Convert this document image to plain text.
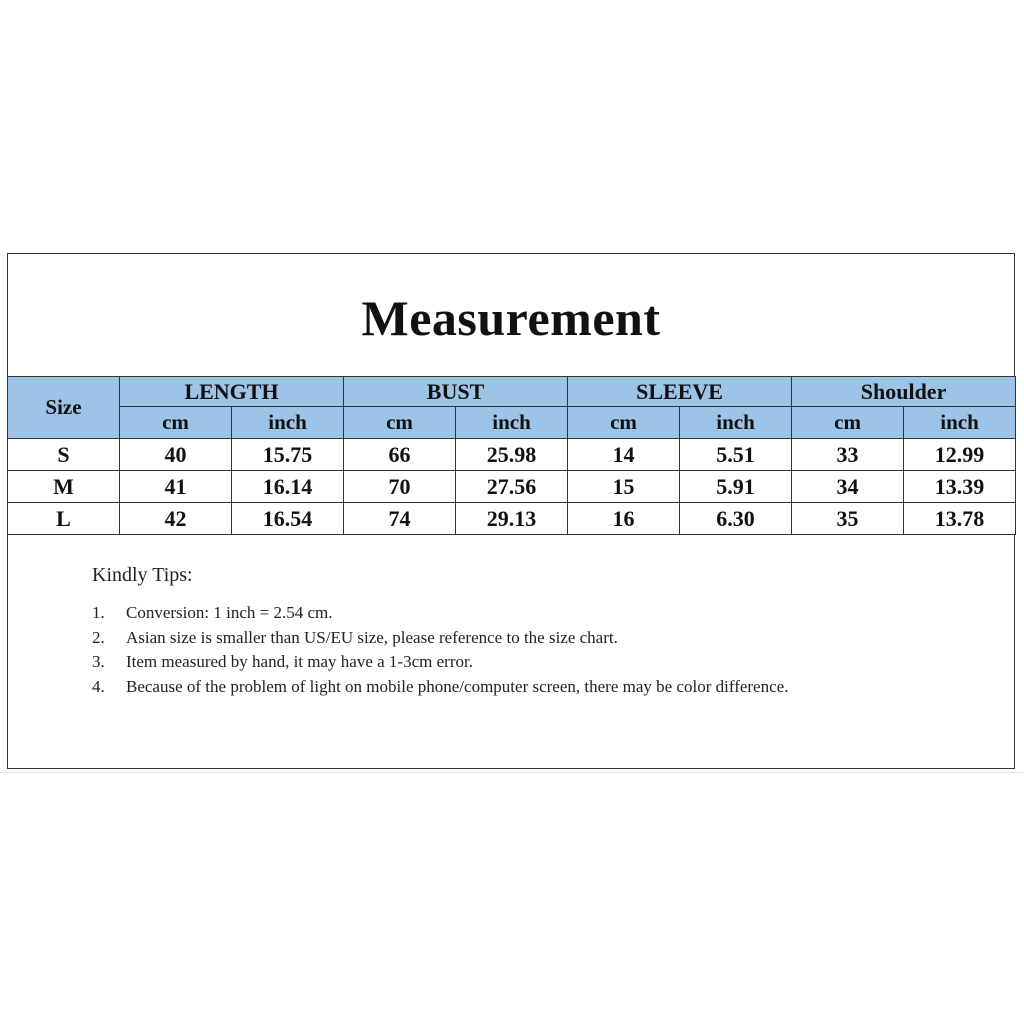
Measurement
Size	LENGTH		BUST		SLEEVE		Shoulder	
	cm	inch	cm	inch	cm	inch	cm	inch
S	40	15.75	66	25.98	14	5.51	33	12.99
M	41	16.14	70	27.56	15	5.91	34	13.39
L	42	16.54	74	29.13	16	6.30	35	13.78
Kindly Tips:
1.	Conversion: 1 inch = 2.54 cm.
2.	Asian size is smaller than US/EU size, please reference to the size chart.
3.	Item measured by hand, it may have a 1-3cm error.
4.	Because of the problem of light on mobile phone/computer screen, there may be color difference.
